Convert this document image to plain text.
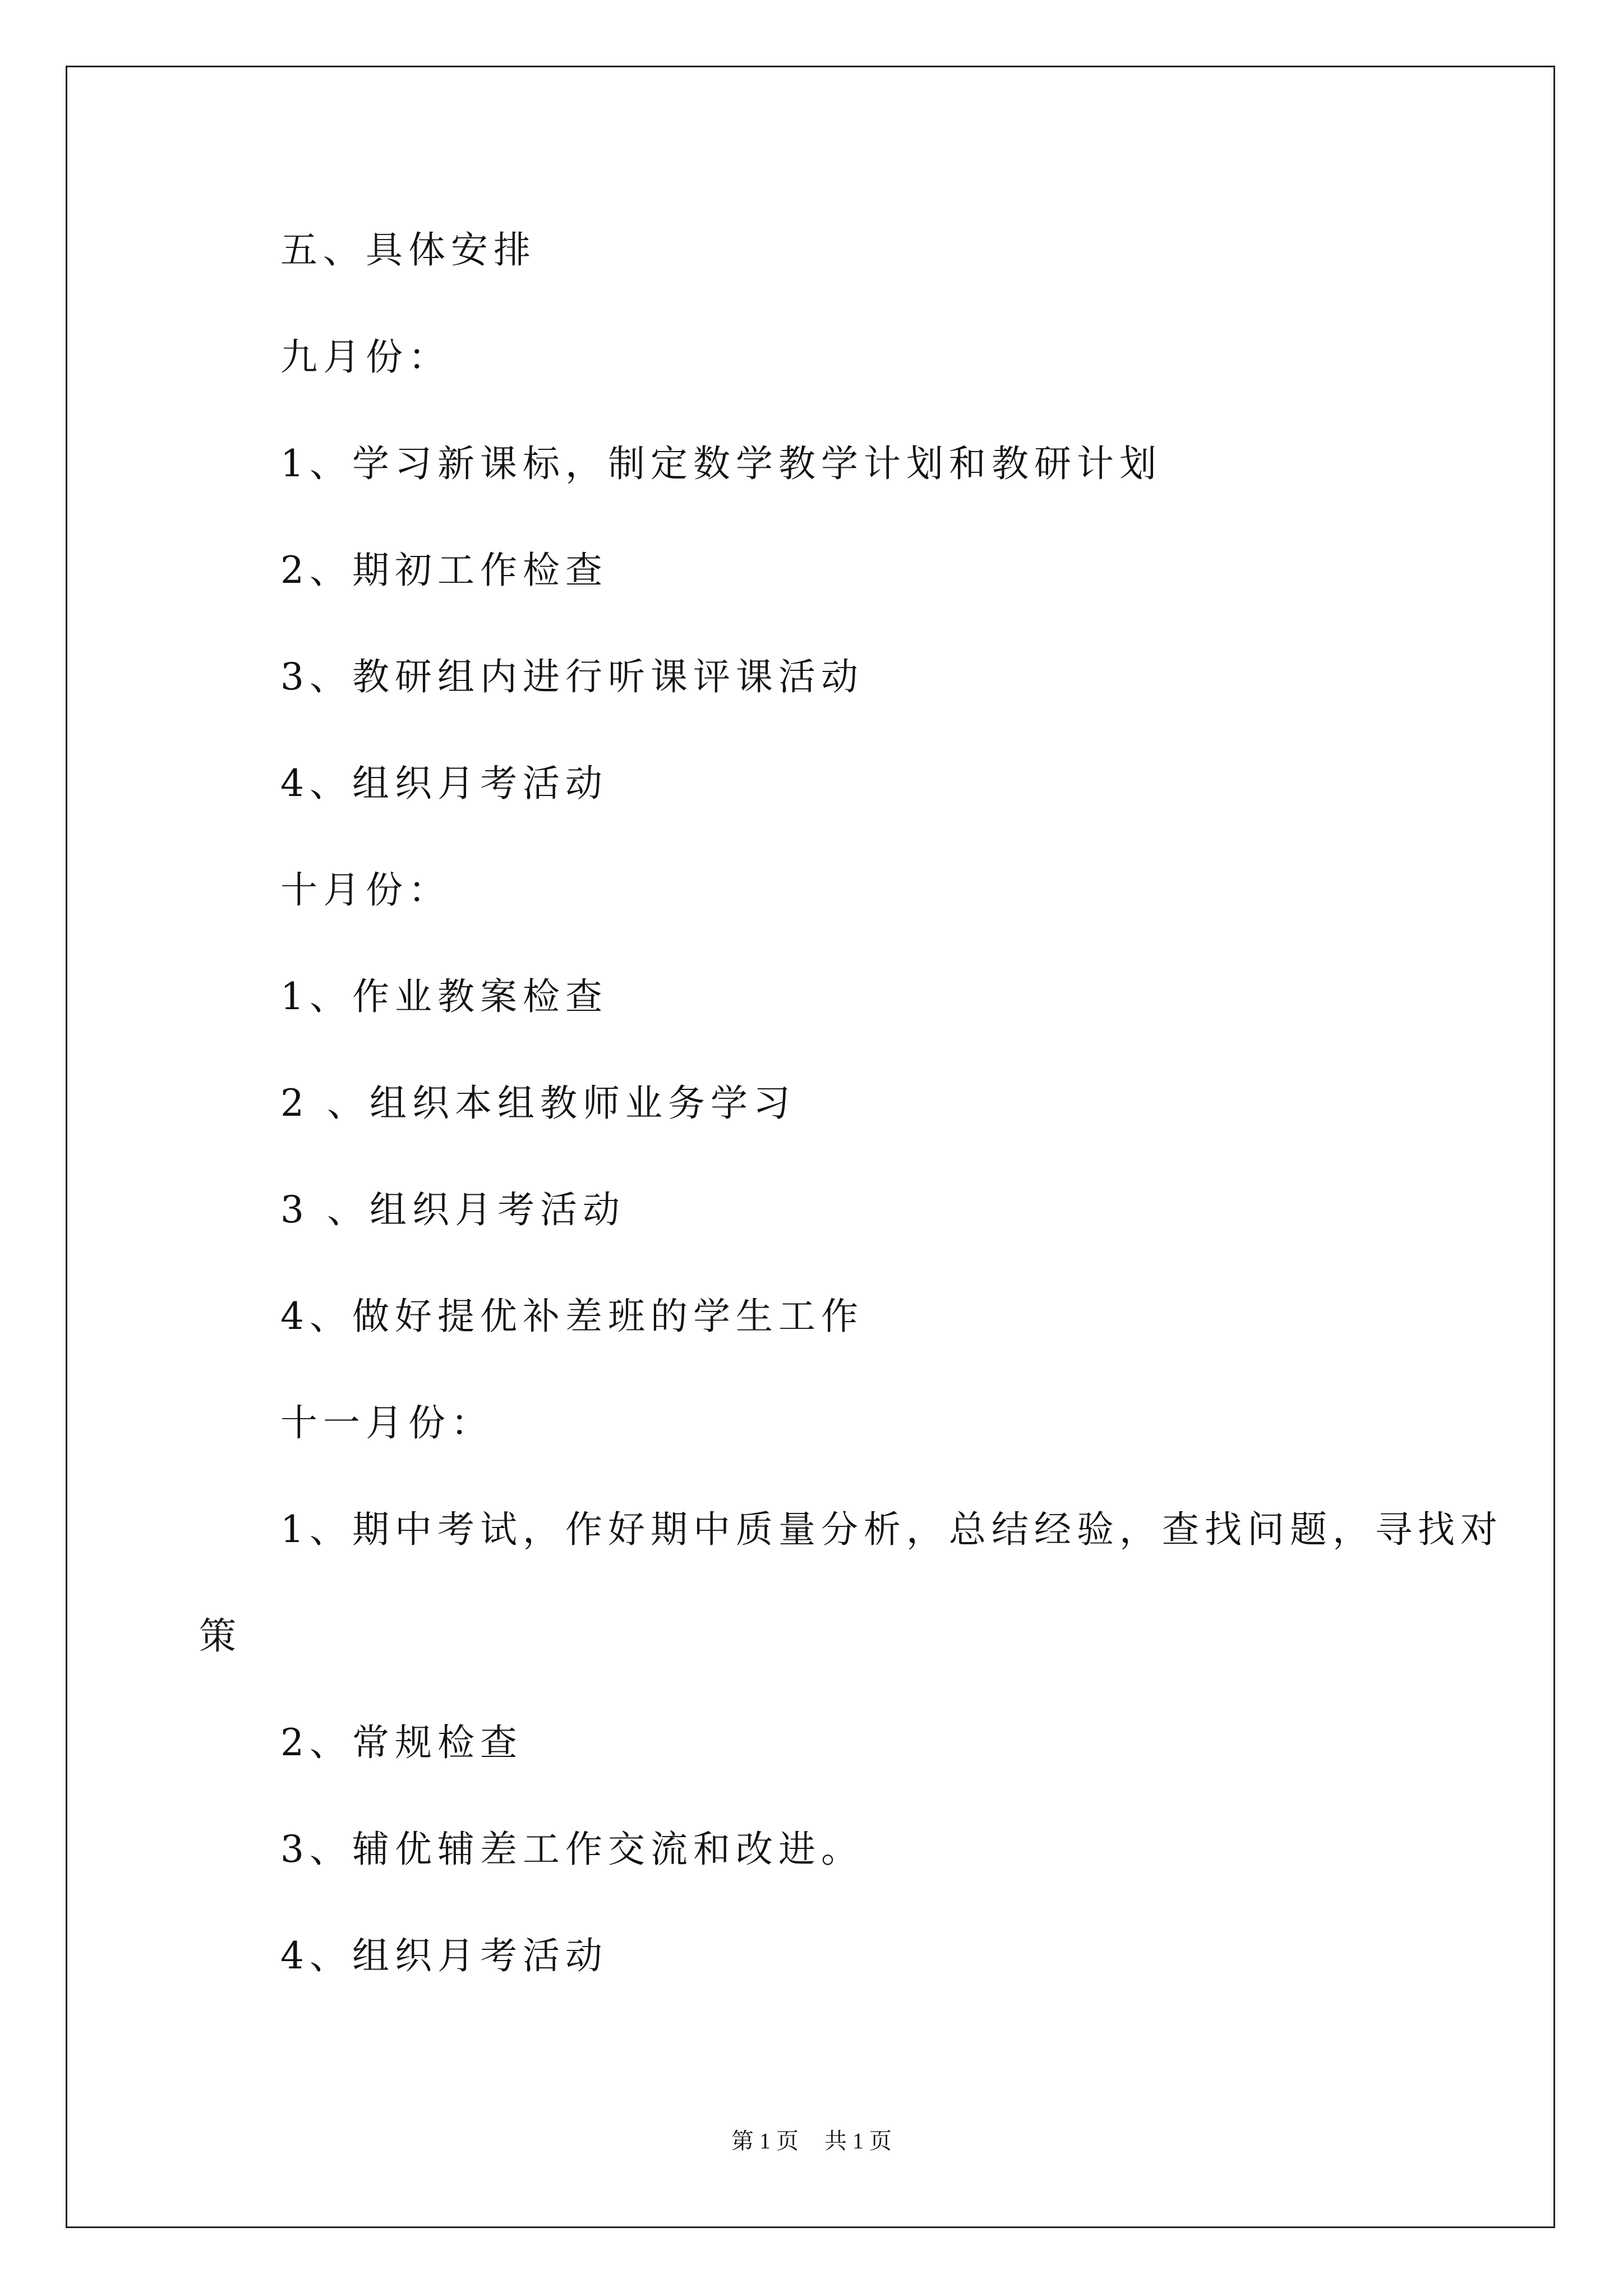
五、具体安排
九月份：
1、学习新课标，制定数学教学计划和教研计划
2、期初工作检查
3、教研组内进行听课评课活动
4、组织月考活动
十月份：
1、作业教案检查
2 、组织本组教师业务学习
3 、组织月考活动
4、做好提优补差班的学生工作
十一月份：
1、期中考试，作好期中质量分析，总结经验，查找问题，寻找对
策
2、常规检查
3、辅优辅差工作交流和改进。
4、组织月考活动
第 1 页 共 1 页
